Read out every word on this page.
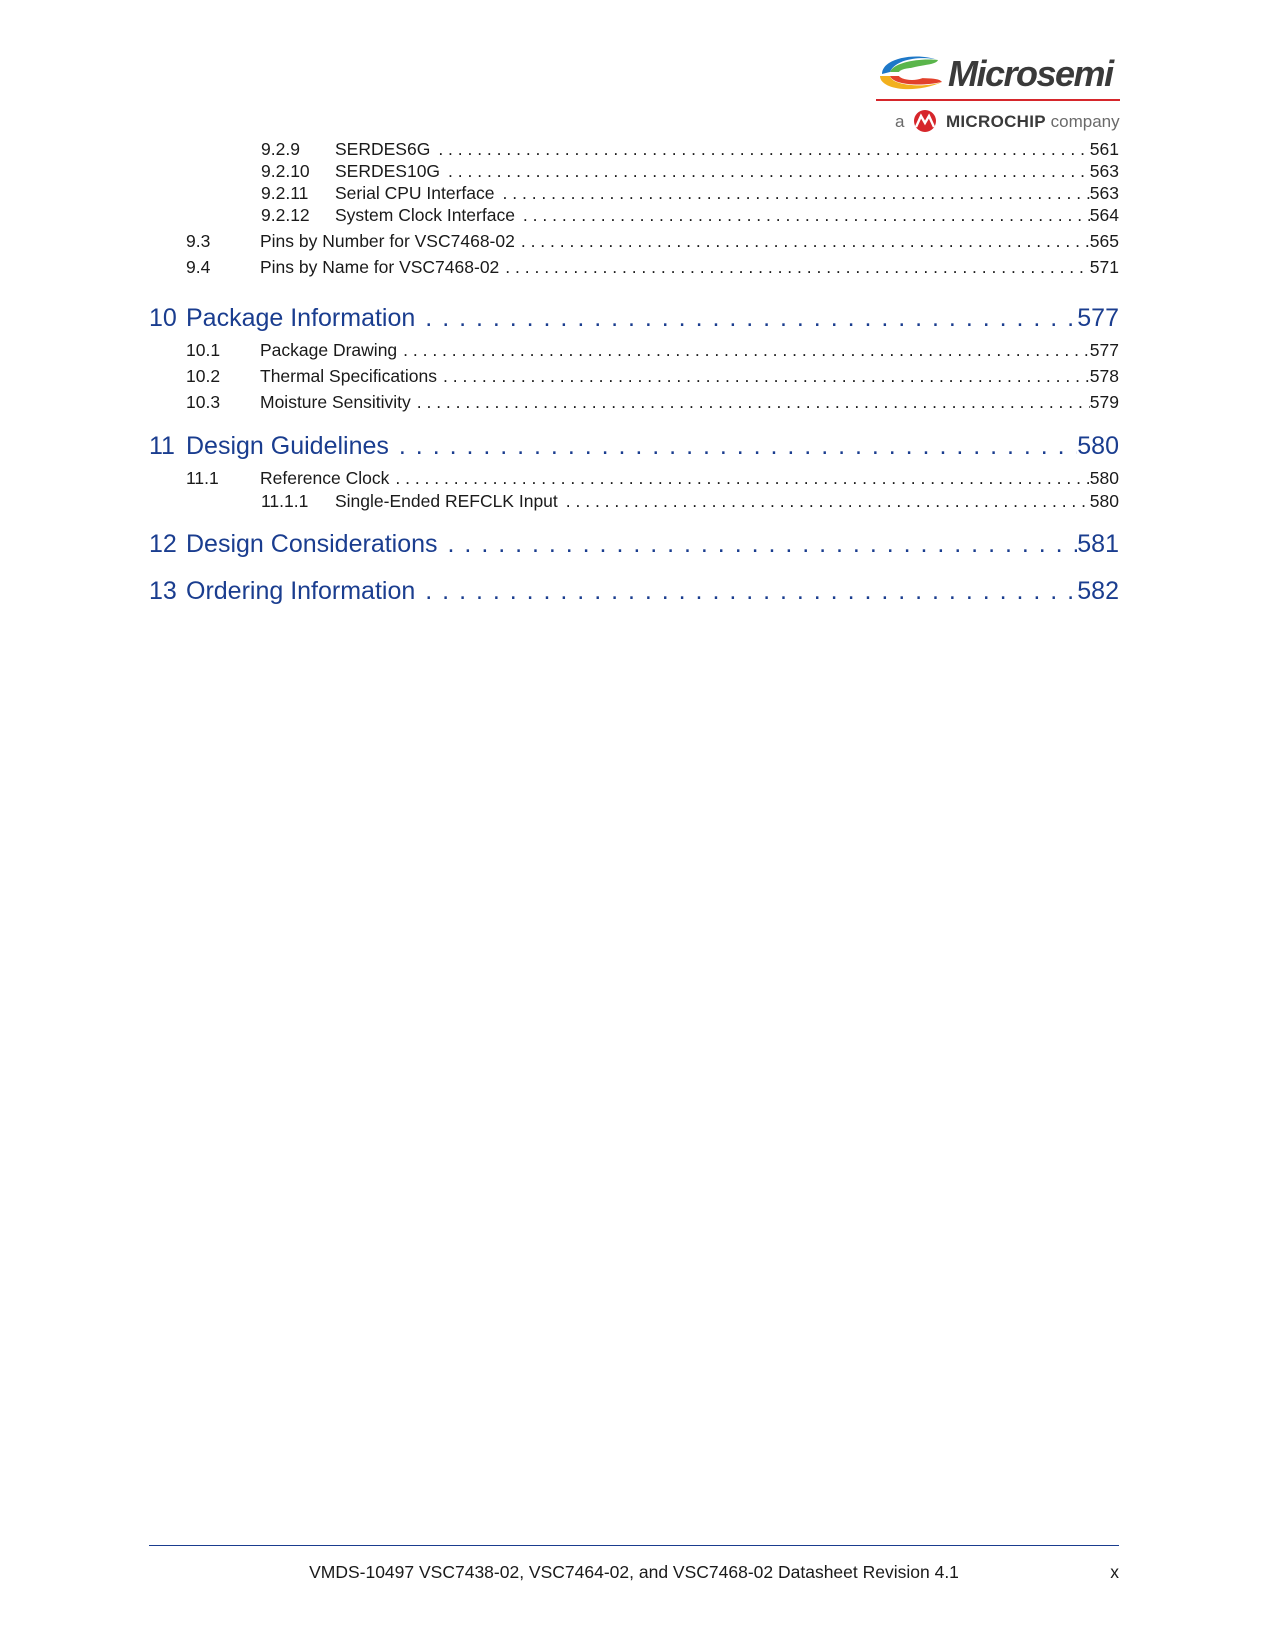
Microsemi
a MICROCHIP company
9.2.9	SERDES6G . . .	561
9.2.10	SERDES10G . . .	563
9.2.11	Serial CPU Interface . . .	563
9.2.12	System Clock Interface . . .	564
9.3	Pins by Number for VSC7468-02 . . .	565
9.4	Pins by Name for VSC7468-02 . . .	571
10 Package Information . . .	577
10.1	Package Drawing . . .	577
10.2	Thermal Specifications . . .	578
10.3	Moisture Sensitivity . . .	579
11 Design Guidelines . . .	580
11.1	Reference Clock . . .	580
11.1.1	Single-Ended REFCLK Input . . .	580
12 Design Considerations . . .	581
13 Ordering Information . . .	582
VMDS-10497 VSC7438-02, VSC7464-02, and VSC7468-02 Datasheet Revision 4.1	x
